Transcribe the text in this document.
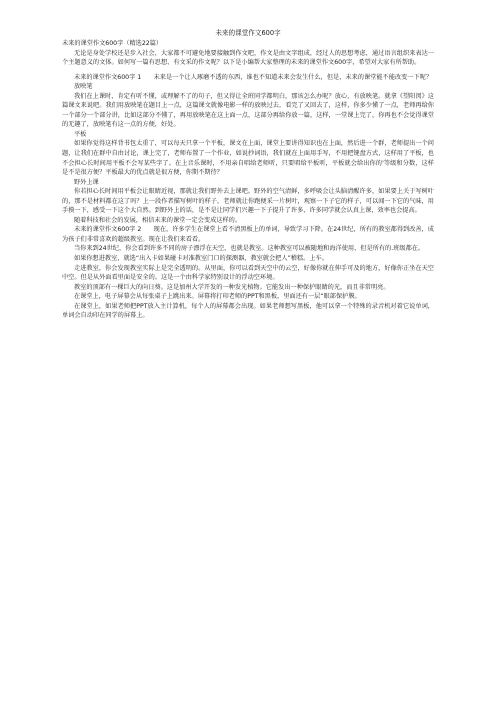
未来的课堂作文600字

未来的课堂作文600字（精选22篇）

无论是身处学校还是步入社会，大家都不可避免地要接触到作文吧，作文是由文字组成，经过人的思想考虑，通过语言组织来表达一个主题意义的文体。如何写一篇有思想、有文采的作文呢？以下是小编帮大家整理的未来的课堂作文600字，希望对大家有所帮助。

未来的课堂作文600字 1　　未来是一个让人琢磨不透的东西，谁也不知道未来会发生什么，但是，未来的课堂能不能改变一下呢？

放映笔

我们在上课时，肯定有听不懂，或理解不了的句子，但又得让全班同学都明白，那该怎么办呢？放心，有放映笔。就拿《望阳闵》这篇课文来说吧。我们用放映笔在题目上一点，这篇课文就像电影一样的放映过去，看完了又回去了，这样，你多少懂了一点，老师再给你一个部分一个部分讲，比如这部分不懂了，再用放映笔在这上面一点，这部分再给你放一篇，这样，一堂课上完了，你再也不会觉得课堂的无趣了，放映笔有这一点的方便，好处。

平板

如果你觉得这样背书包太重了，可以每天只拿一个平板，课文在上面，课堂上要讲得知识也在上面，然后进一个群，老师提出一个问题，让我们在群中自由讨论，课上完了，老师布置了一个作业，如说抄词语，我们就在上面用手写，不用把键盘方式，这样用了平板，也不会担心长时间用平板不会写某些字了。在上音乐课时，不用亲自唱给老师听，只要唱给平板听，平板就会给出你的'等级和分数，这样是不是很方便？平板最大的优点就是很方便，你期不期待？

野外上课

你若担心长时间用平板会让眼睛近视，那就让我们野外去上课吧。野外的空气清鲜，多呼吸会让头脑清醒许多，如果要上关于写树叶的，那不是材料都在这了吗？上一段作者描写树叶的样子，老师就让你跑便采一片树叶，观察一下子它的样子，可以闻一下它的气味，用手摸一下，感受一下这个大自然。到野外上的话，是不是让同学们兴趣一下子提升了许多，许多同学就会认真上课，效率也会提高。

随着科技和社会的发展，相信未来的课堂一定会变成这样的。

未来的课堂作文600字 2　　现在，许多学生在课堂上看不清黑板上的单词，导致学习下降。在24世纪，所有的教室都得到改善，成为孩子们非常喜欢的超级教室。现在让我们来看看。

当你来到24世纪，你会看到许多不同的房子漂浮在天空，也就是教室。这种教室可以被随地和海洋使用，但是所有的.班级都在。

如果你想进教室，就选“出入卡如果碰卡对准教室门口的探测器，教室就会把人”稽糕。上车。

走进教室，你会发现教室实际上是完全透明的。从里面，你可以看到天空中的云空，好像你就在伸手可及的地方，好像你正坐在天空中空。但是从外面看里面是安全的。这是一个由科学家特别设计的浮动空环境。

教室的顶部有一棵巨大的向日葵。这是加州大学开发的一种发光植物。它能发出一种保护眼睛的光，而且非常明亮。

在课堂上，电子屏幕会从每张桌子上跳出来。屏幕将打印老师的PPT和黑板，里面还有一层“眼部保护膜。

在课堂上，如果老师把PPT放入主计算机，每个人的屏幕都会出现。如果老师想写黑板，他可以拿一个特殊的录音机对着它说单词，单词会自动印在同学的屏幕上。
